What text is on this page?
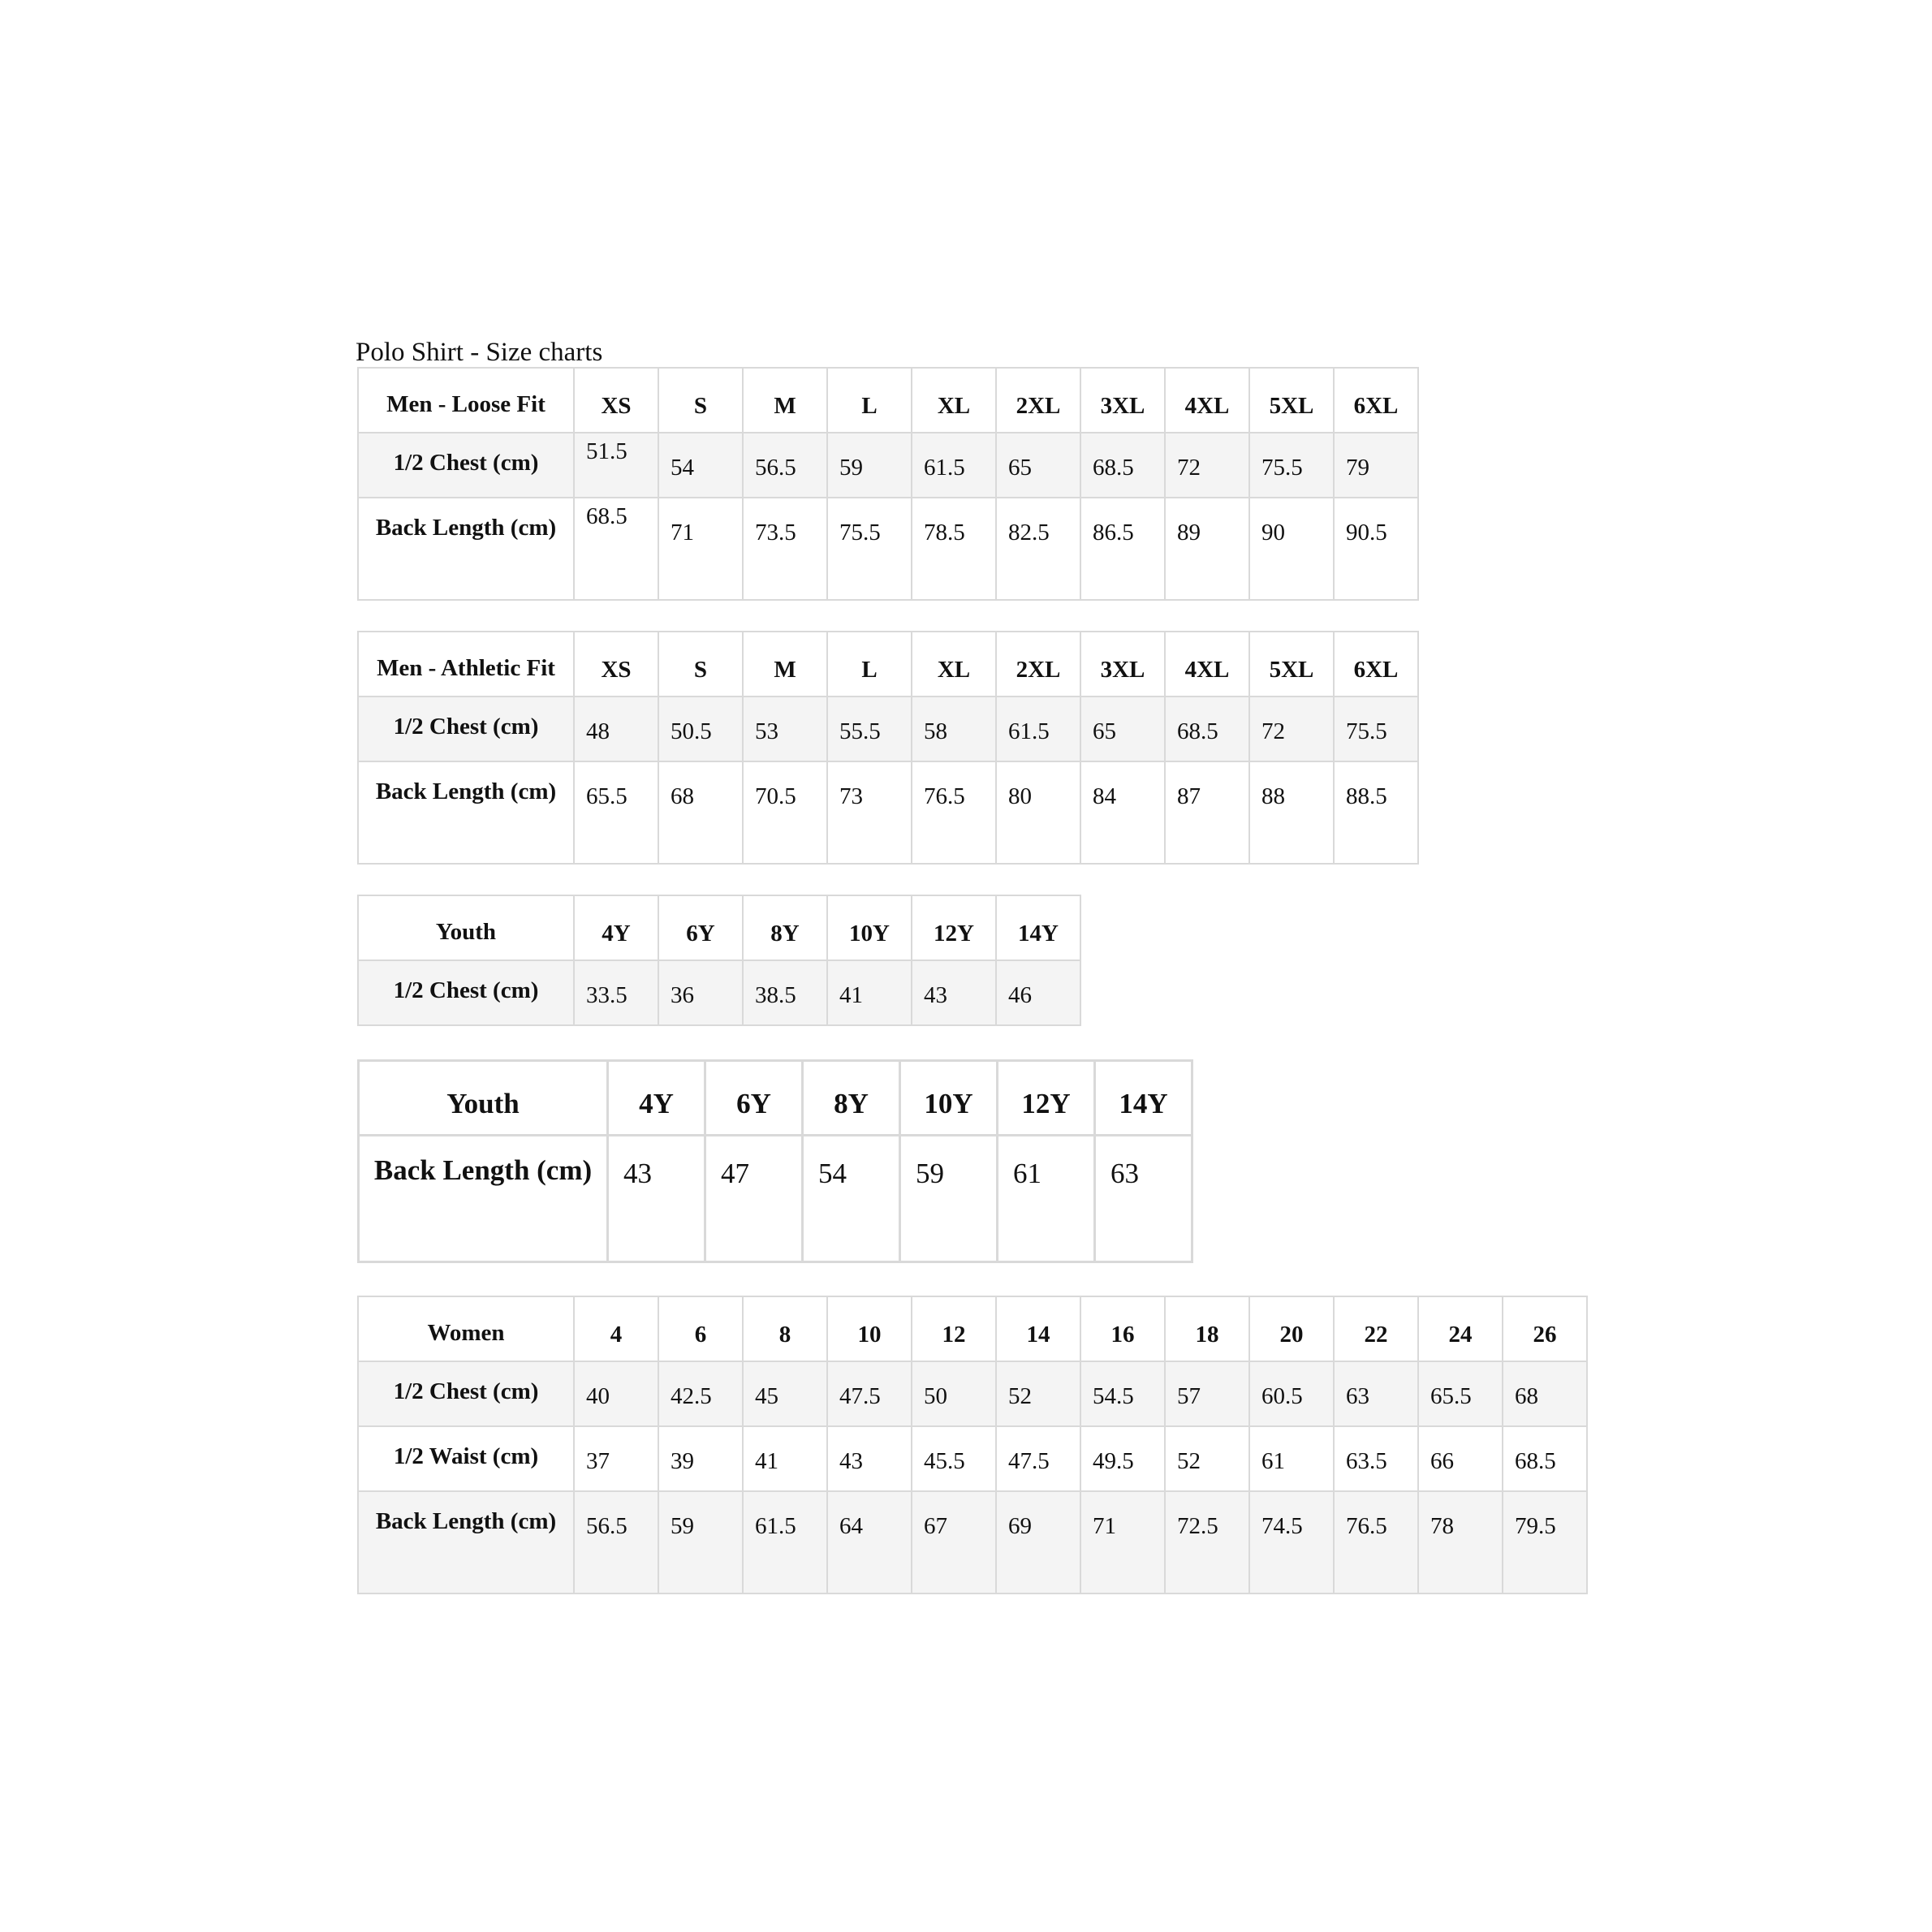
Polo Shirt - Size charts
Men - Loose Fit	XS	S	M	L	XL	2XL	3XL	4XL	5XL	6XL
1/2 Chest (cm)	51.5	54	56.5	59	61.5	65	68.5	72	75.5	79
Back Length (cm)	68.5	71	73.5	75.5	78.5	82.5	86.5	89	90	90.5
Men - Athletic Fit	XS	S	M	L	XL	2XL	3XL	4XL	5XL	6XL
1/2 Chest (cm)	48	50.5	53	55.5	58	61.5	65	68.5	72	75.5
Back Length (cm)	65.5	68	70.5	73	76.5	80	84	87	88	88.5
Youth	4Y	6Y	8Y	10Y	12Y	14Y
1/2 Chest (cm)	33.5	36	38.5	41	43	46
Youth	4Y	6Y	8Y	10Y	12Y	14Y
Back Length (cm)	43	47	54	59	61	63
Women	4	6	8	10	12	14	16	18	20	22	24	26
1/2 Chest (cm)	40	42.5	45	47.5	50	52	54.5	57	60.5	63	65.5	68
1/2 Waist (cm)	37	39	41	43	45.5	47.5	49.5	52	61	63.5	66	68.5
Back Length (cm)	56.5	59	61.5	64	67	69	71	72.5	74.5	76.5	78	79.5
